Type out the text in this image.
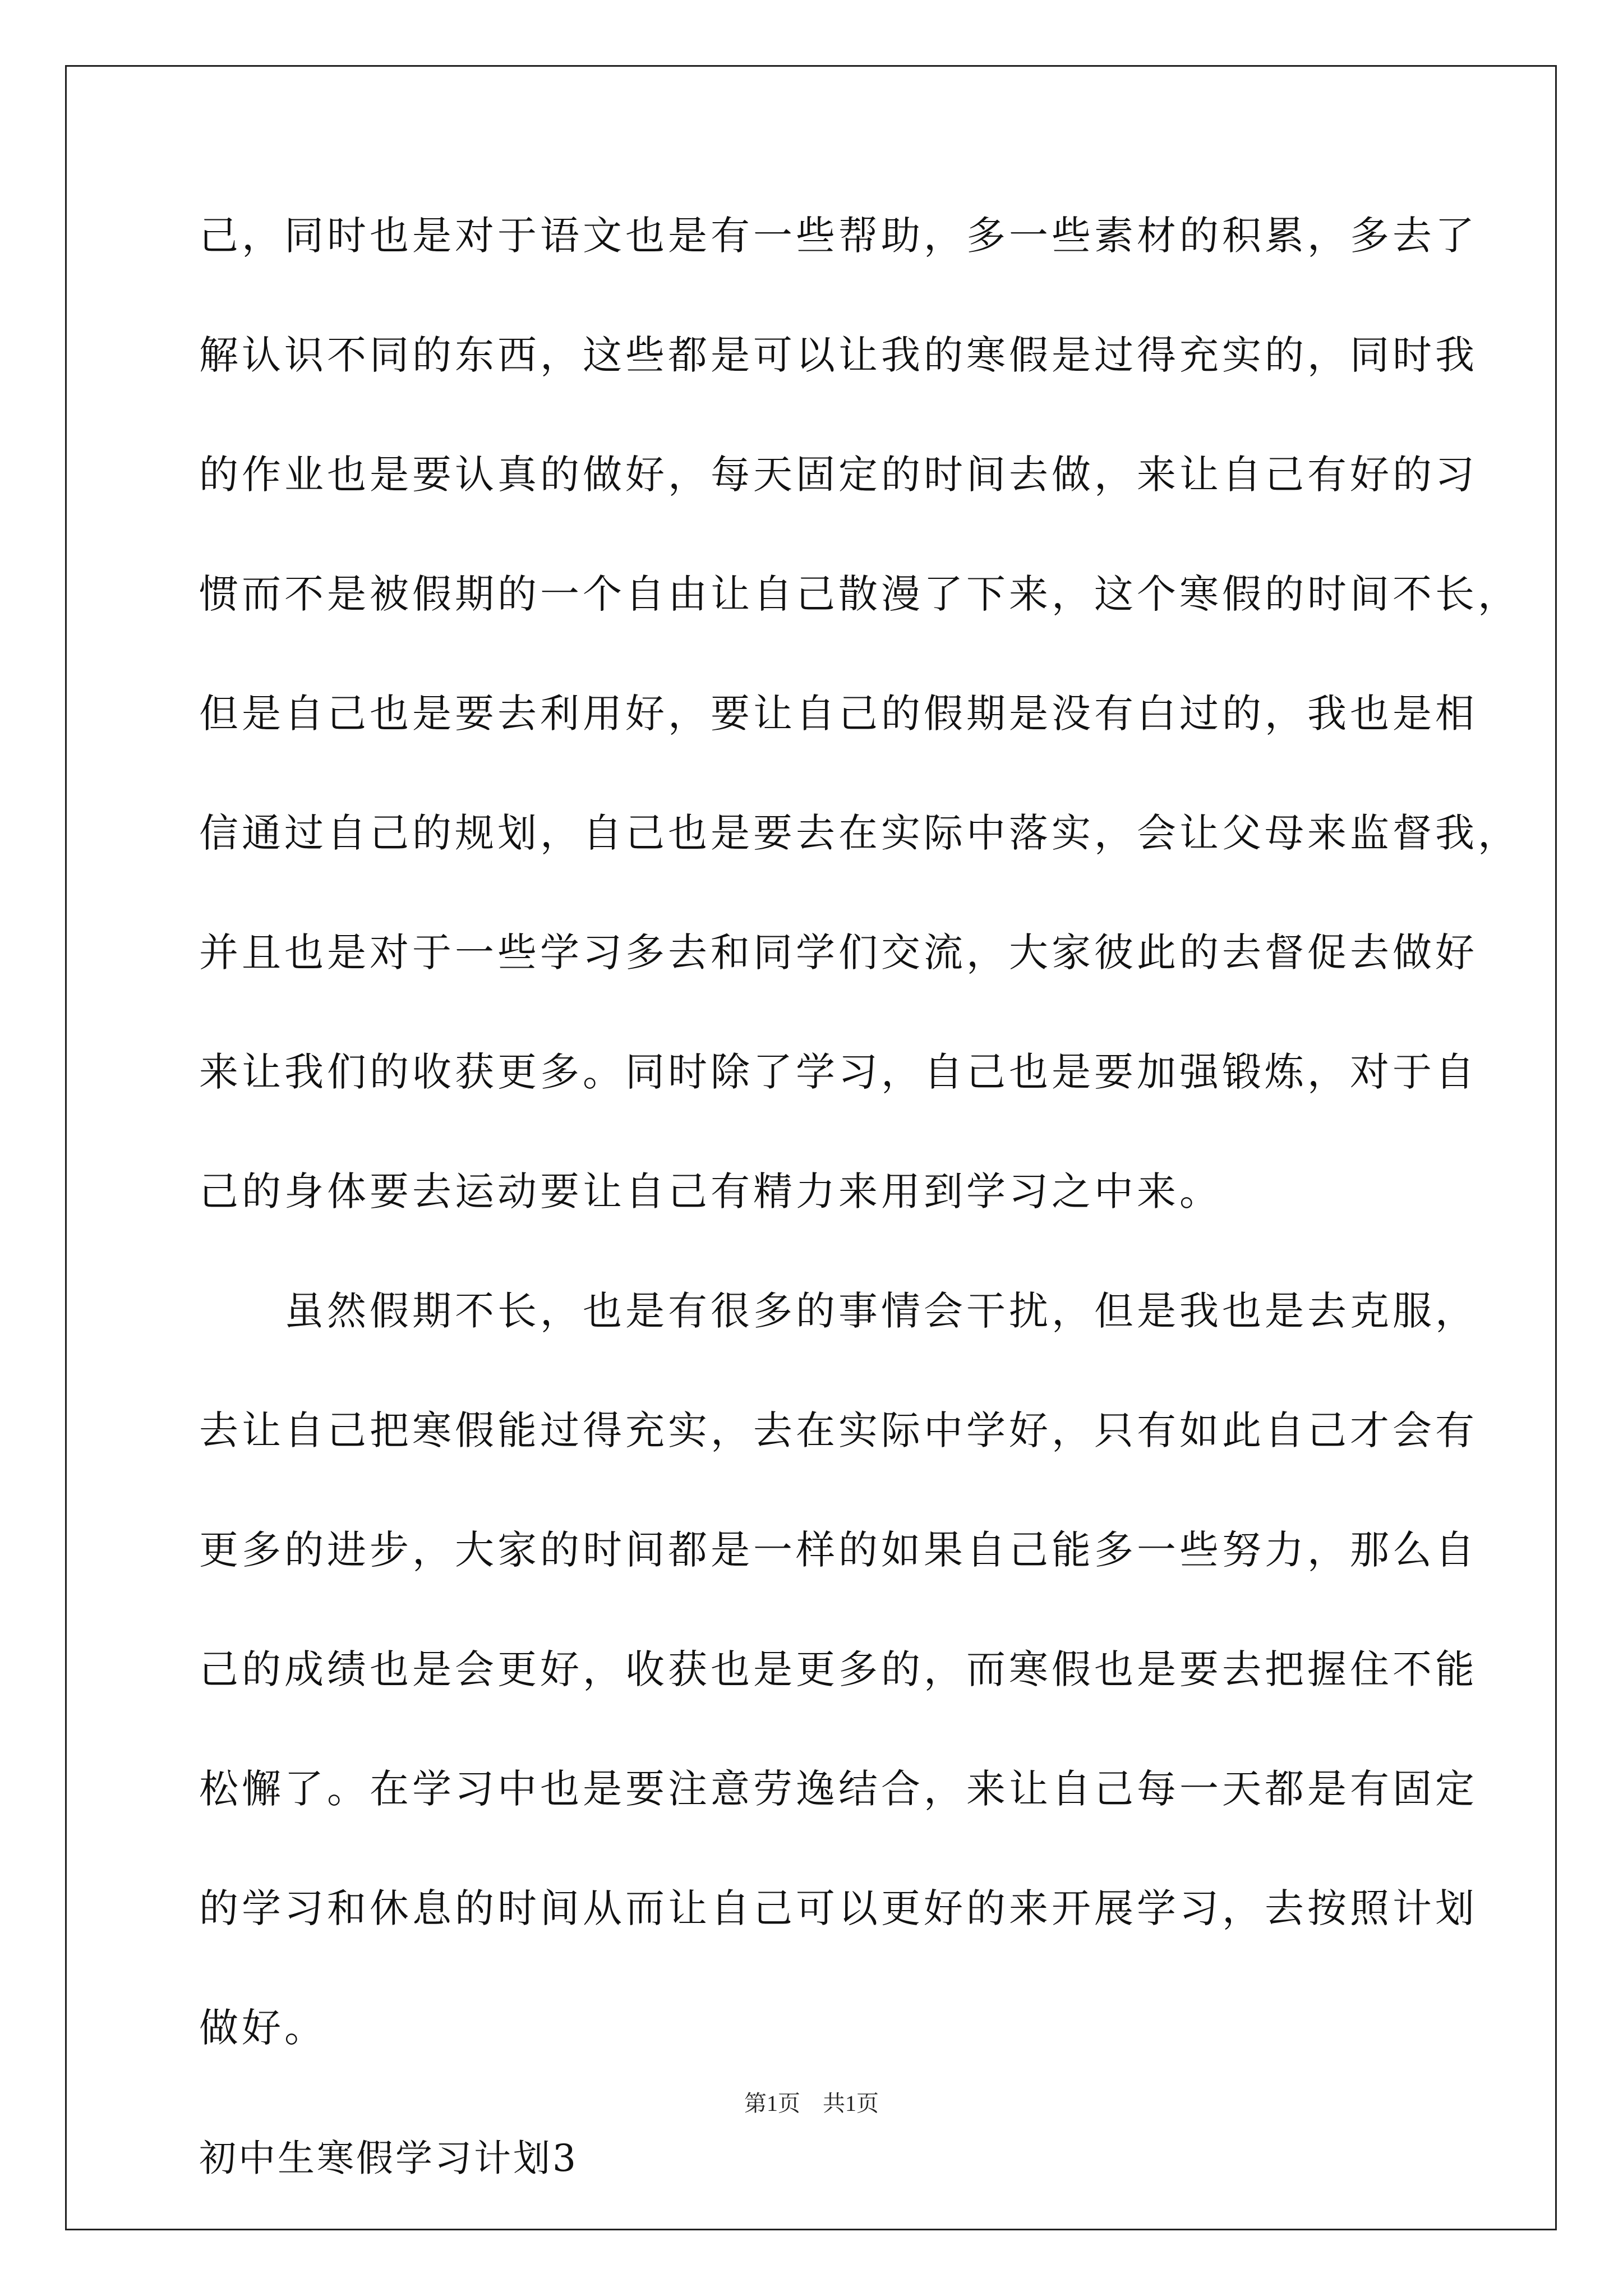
己，同时也是对于语文也是有一些帮助，多一些素材的积累，多去了
解认识不同的东西，这些都是可以让我的寒假是过得充实的，同时我
的作业也是要认真的做好，每天固定的时间去做，来让自己有好的习
惯而不是被假期的一个自由让自己散漫了下来，这个寒假的时间不长，
但是自己也是要去利用好，要让自己的假期是没有白过的，我也是相
信通过自己的规划，自己也是要去在实际中落实，会让父母来监督我，
并且也是对于一些学习多去和同学们交流，大家彼此的去督促去做好
来让我们的收获更多。同时除了学习，自己也是要加强锻炼，对于自
己的身体要去运动要让自己有精力来用到学习之中来。
　　虽然假期不长，也是有很多的事情会干扰，但是我也是去克服，
去让自己把寒假能过得充实，去在实际中学好，只有如此自己才会有
更多的进步，大家的时间都是一样的如果自己能多一些努力，那么自
己的成绩也是会更好，收获也是更多的，而寒假也是要去把握住不能
松懈了。在学习中也是要注意劳逸结合，来让自己每一天都是有固定
的学习和休息的时间从而让自己可以更好的来开展学习，去按照计划
做好。
初中生寒假学习计划3
第1页　共1页
